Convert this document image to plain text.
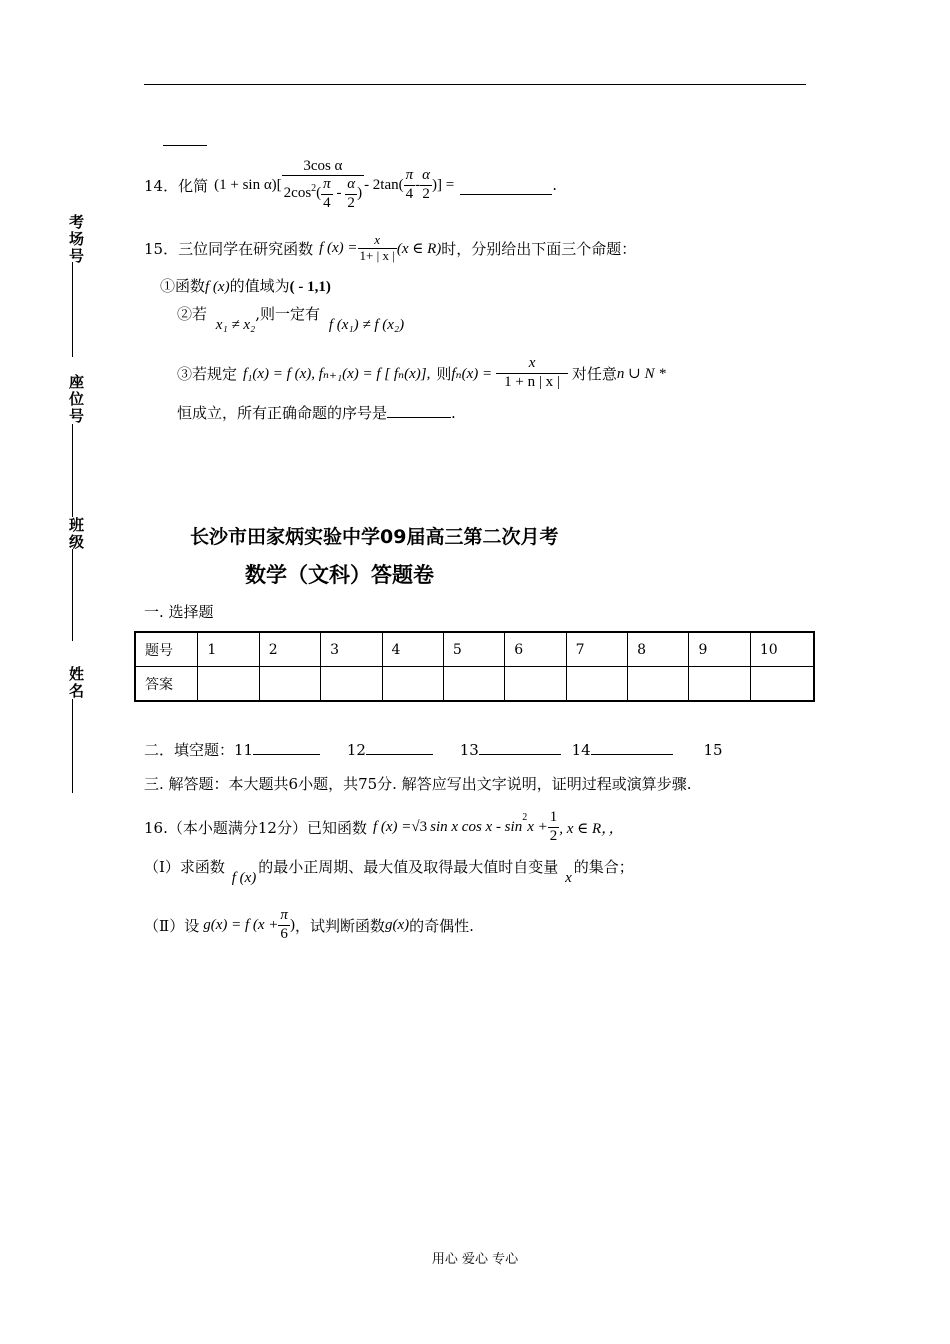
14． 化简 $(1 + \sin \alpha)[ \frac{\text{3cos α}}{2\cos^2( \frac{\pi}{4} - \frac{\alpha}{2} )} - 2\tan( \frac{\pi}{4} - \frac{\alpha}{2}$ )] =	.
15． 三位同学在研究函数 f $(x) = \frac{x}{1+ | x |} (x$ ∈ R) 时，分别给出下面三个命题：
①函数f (x)的值域为( - 1,1)
②若 x₁ ≠ x₂,则一定有 f (x₁) ≠ f (x₂)
③若规定 f₁(x) = f (x), fₙ₊₁(x) = f [ fₙ(x)], 则 $f_n(x) = \frac{x}{1 + n | x |}$ 对任意 n ∪ N *
恒成立，所有正确命题的序号是	.
考场号
座位号
班级
姓名
长沙市田家炳实验中学09届高三第二次月考
数学（文科）答题卷
一. 选择题
题号	1	2	3	4	5	6	7	8	9	10
答案										
二．填空题：11	12	13	14	15
三. 解答题：本大题共6小题，共75分. 解答应写出文字说明，证明过程或演算步骤.
16.（本小题满分12分）已知函数 f (x) = √3 sin x cos x - sin
$^2$
$x + \frac{1}{2}$ , x ∈ R，，
（Ⅰ）求函数 f (x)的最小正周期、最大值及取得最大值时自变量 x的集合；
（Ⅱ）设 g(x) = f ($x + \frac{\pi}{6}$ ) ，试判断函数 g(x) 的奇偶性.
用心 爱心 专心
